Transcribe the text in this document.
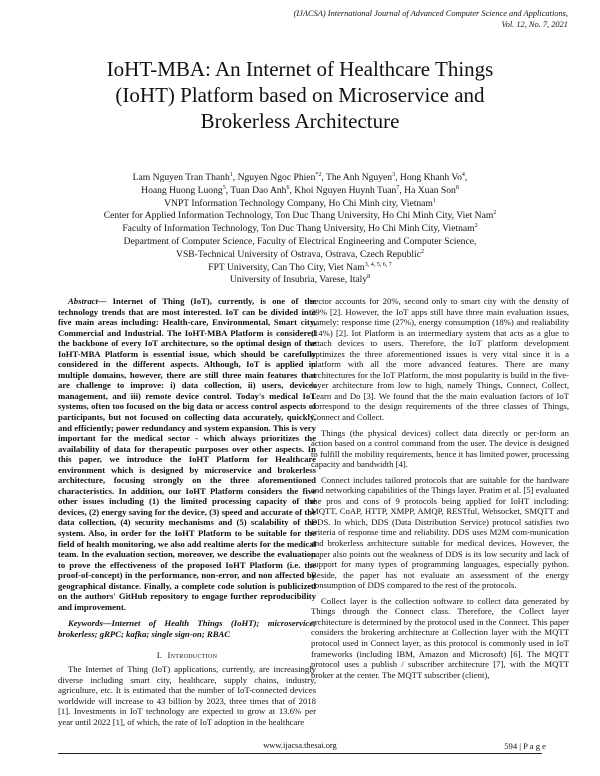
(IJACSA) International Journal of Advanced Computer Science and Applications,
Vol. 12, No. 7, 2021
IoHT-MBA: An Internet of Healthcare Things
(IoHT) Platform based on Microservice and
Brokerless Architecture
Lam Nguyen Tran Thanh$^1$, Nguyen Ngoc Phien$^{*2}$, The Anh Nguyen$^3$, Hong Khanh Vo$^4$,
Hoang Huong Luong$^5$, Tuan Dao Anh$^6$, Khoi Nguyen Huynh Tuan$^7$, Ha Xuan Son$^8$
VNPT Information Technology Company, Ho Chi Minh city, Vietnam$^1$
Center for Applied Information Technology, Ton Duc Thang University, Ho Chi Minh City, Viet Nam$^2$
Faculty of Information Technology, Ton Duc Thang University, Ho Chi Minh City, Vietnam$^2$
Department of Computer Science, Faculty of Electrical Engineering and Computer Science,
VSB-Technical University of Ostrava, Ostrava, Czech Republic$^2$
FPT University, Can Tho City, Viet Nam$^{3, 4, 5, 6, 7}$
University of Insubria, Varese, Italy$^8$

Abstract— Internet of Thing (IoT), currently, is one of the technology trends that are most interested. IoT can be divided into five main areas including: Health-care, Environmental, Smart city, Commercial and Industrial. The IoHT-MBA Platform is considered the backbone of every IoT architecture, so the optimal design of the IoHT-MBA Platform is essential issue, which should be carefully considered in the different aspects. Although, IoT is applied in multiple domains, however, there are still three main features that are challenge to improve: i) data collection, ii) users, devices management, and iii) remote device control. Today's medical IoT systems, often too focused on the big data or access control aspects of participants, but not focused on collecting data accurately, quickly, and efficiently; power redundancy and system expansion. This is very important for the medical sector - which always prioritizes the availability of data for therapeutic purposes over other aspects. In this paper, we introduce the IoHT Platform for Healthcare environment which is designed by microservice and brokerless architecture, focusing strongly on the three aforementioned characteristics. In addition, our IoHT Platform considers the five other issues including (1) the limited processing capacity of the devices, (2) energy saving for the device, (3) speed and accurate of the data collection, (4) security mechanisms and (5) scalability of the system. Also, in order for the IoHT Platform to be suitable for the field of health monitoring, we also add realtime alerts for the medical team. In the evaluation section, moreover, we describe the evaluation to prove the effectiveness of the proposed IoHT Platform (i.e. the proof-of-concept) in the performance, non-error, and non affected by geographical distance. Finally, a complete code solution is publicized on the authors' GitHub repository to engage further reproducibility and improvement.

Keywords—Internet of Health Things (IoHT); microservice; brokerless; gRPC; kafka; single sign-on; RBAC

I. Introduction

The Internet of Thing (IoT) applications, currently, are increasingly diverse including smart city, healthcare, supply chains, industry, agriculture, etc. It is estimated that the number of IoT-connected devices worldwide will increase to 43 billion by 2023, three times that of 2018 [1]. Investments in IoT technology are expected to grow at 13.6% per year until 2022 [1], of which, the rate of IoT adoption in the healthcare

sector accounts for 20%, second only to smart city with the density of 29% [2]. However, the IoT apps still have three main evaluation issues, namely: response time (27%), energy consumption (18%) and realiability (14%) [2]. Iot Platform is an intermediary system that acts as a glue to attach devices to users. Therefore, the IoT platform development optimizes the three aforementioned issues is very vital since it is a platform with all the more advanced features. There are many architectures for the IoT Platform, the most popularity is build in the five-layer architecture from low to high, namely Things, Connect, Collect, Learn and Do [3]. We found that the the main evaluation factors of IoT correspond to the design requirements of the three classes of Things, Connect and Collect.

Things (the physical devices) collect data directly or per-form an action based on a control command from the user. The device is designed to fulfill the mobility requirements, hence it has limited power, processing capacity and bandwidth [4].

Connect includes tailored protocols that are suitable for the hardware and networking capabilities of the Things layer. Pratim et al. [5] evaluated the pros and cons of 9 protocols being applied for IoHT including: MQTT, CoAP, HTTP, XMPP, AMQP, RESTful, Websocket, SMQTT and DDS. In which, DDS (Data Distribution Service) protocol satisfies two criteria of response time and reliability. DDS uses M2M com-munication and brokerless architecture suitable for medical devices. However, the paper also points out the weakness of DDS is its low security and lack of support for many types of programming languages, especially python. Beside, the paper has not evaluate an assessment of the energy consumption of DDS compared to the rest of the protocols.

Collect layer is the collection software to collect data generated by Things through the Connect class. Therefore, the Collect layer architecture is determined by the protocol used in the Connect. This paper considers the brokering architecture at Collection layer with the MQTT protocol used in Connect layer, as this protocol is commonly used in IoT frameworks (including IBM, Amazon and Microsoft) [6]. The MQTT protocol uses a publish / subscriber architecture [7], with the MQTT broker at the center. The MQTT subscriber (client),

www.ijacsa.thesai.org	594 | P a g e
